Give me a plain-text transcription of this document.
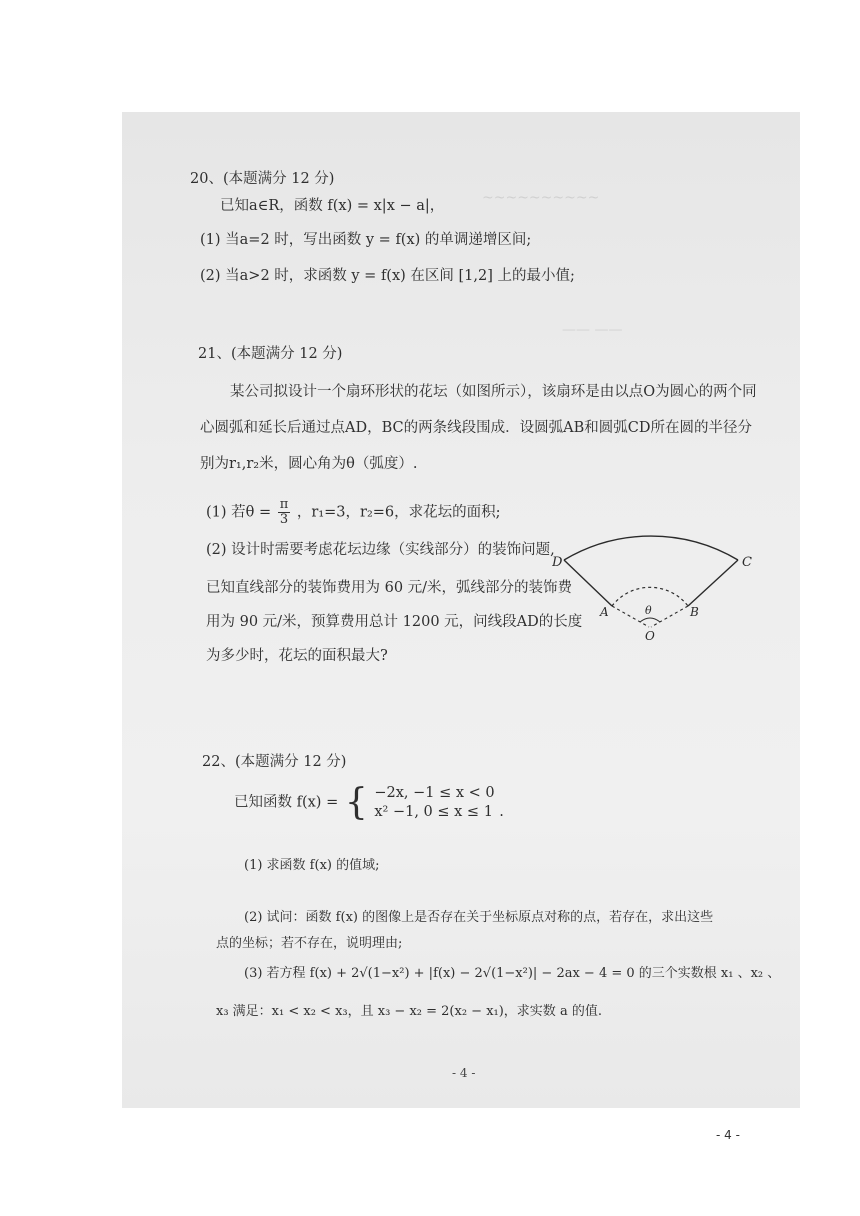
~~~~~~~~~~
—— ——
20、(本题满分 12 分)
已知a∈R，函数 f(x) = x|x − a|，
(1) 当a=2 时，写出函数 y = f(x) 的单调递增区间;
(2) 当a>2 时，求函数 y = f(x) 在区间 [1,2] 上的最小值;
21、(本题满分 12 分)
某公司拟设计一个扇环形状的花坛（如图所示），该扇环是由以点O为圆心的两个同
心圆弧和延长后通过点AD，BC的两条线段围成．设圆弧AB和圆弧CD所在圆的半径分
别为r₁,r₂米，圆心角为θ（弧度）.
(1) 若$\theta = \frac{\pi}{3}$ ，r₁=3，r₂=6，求花坛的面积;
(2) 设计时需要考虑花坛边缘（实线部分）的装饰问题,
已知直线部分的装饰费用为 60 元/米，弧线部分的装饰费
用为 90 元/米，预算费用总计 1200 元，问线段AD的长度
为多少时，花坛的面积最大?
D	C
A	B
θ
O
22、(本题满分 12 分)
已知函数 f(x) = { −2x, −1 ≤ x < 0
x² −1, 0 ≤ x ≤ 1 .
(1) 求函数 f(x) 的值域;
(2) 试问：函数 f(x) 的图像上是否存在关于坐标原点对称的点，若存在，求出这些
点的坐标；若不存在，说明理由;
(3) 若方程 f(x) + 2√(1−x²) + |f(x) − 2√(1−x²)| − 2ax − 4 = 0 的三个实数根 x₁ 、x₂ 、
x₃ 满足：x₁ < x₂ < x₃，且 x₃ − x₂ = 2(x₂ − x₁)，求实数 a 的值.
- 4 -
- 4 -
